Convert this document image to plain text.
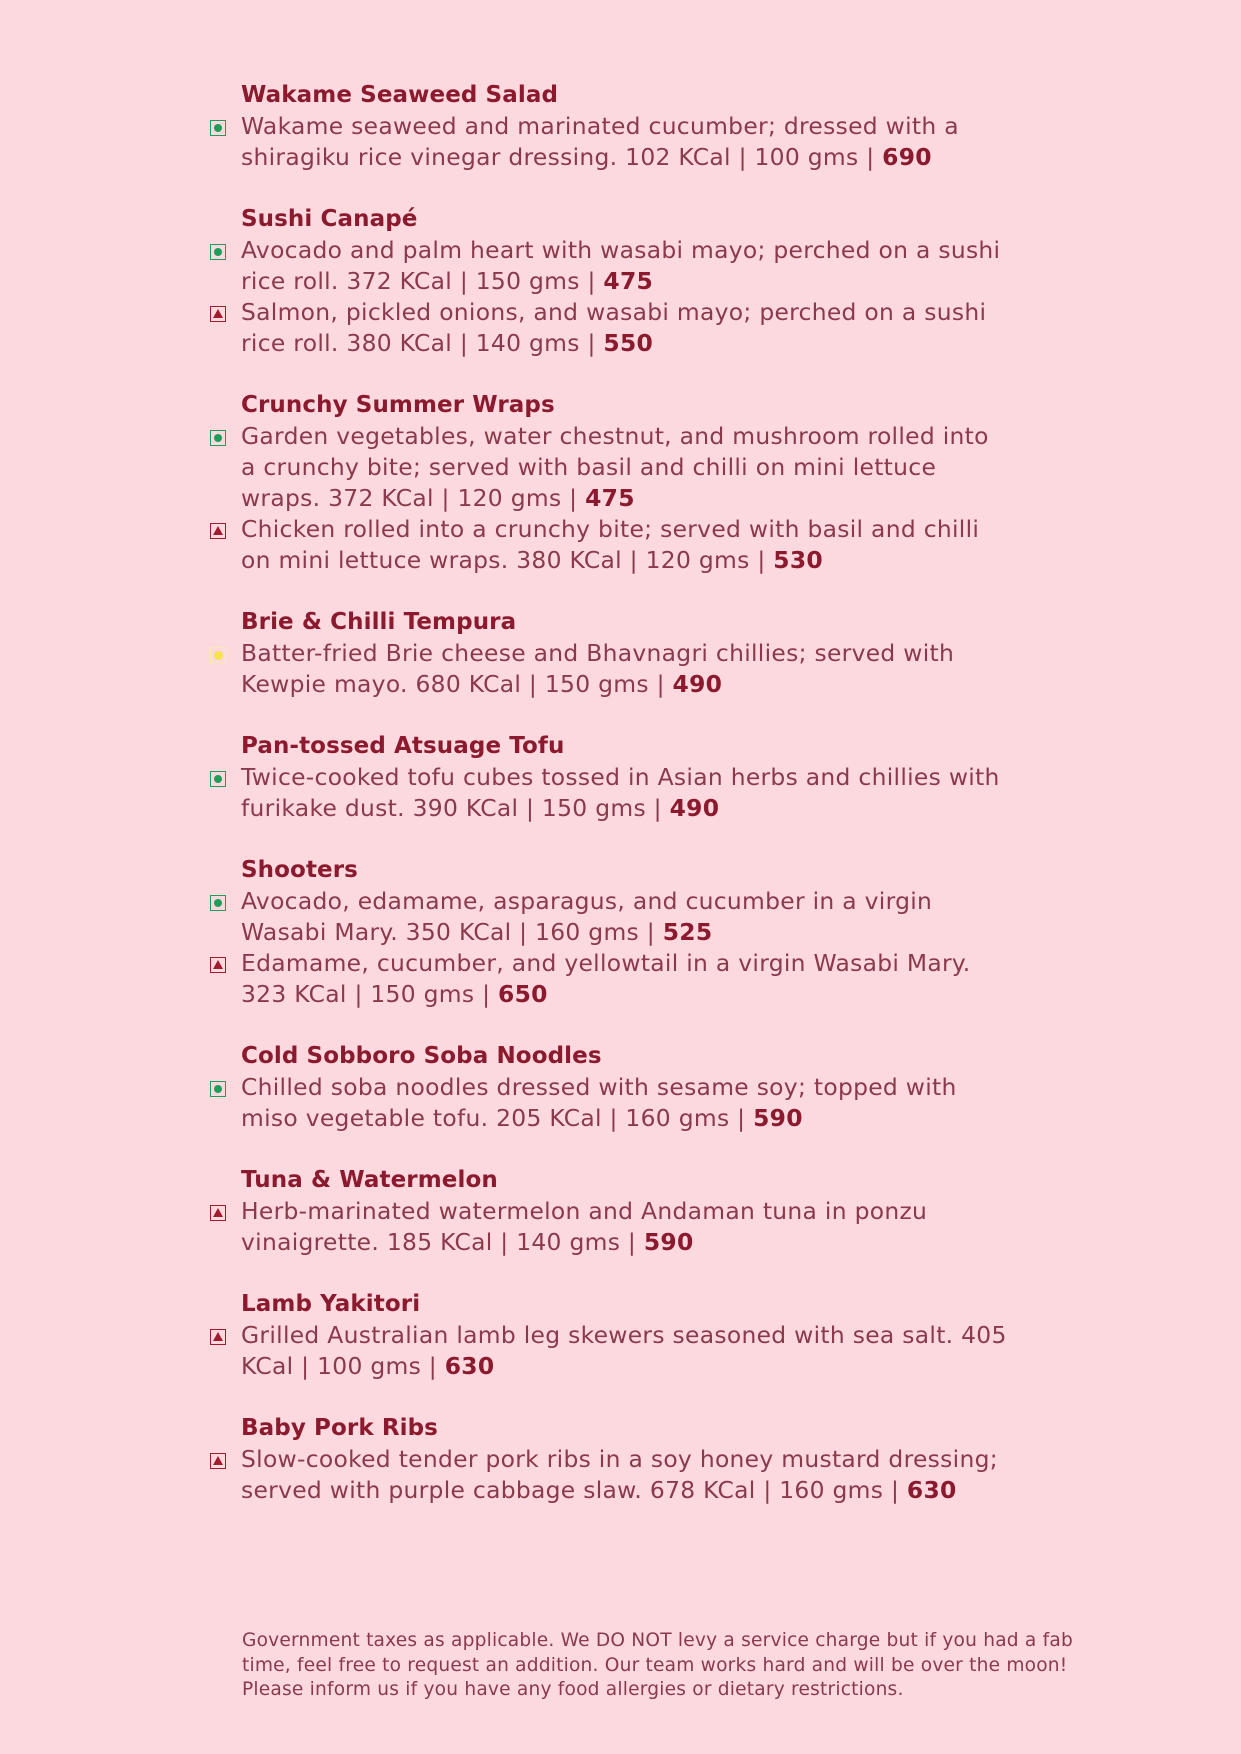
Wakame Seaweed Salad
Wakame seaweed and marinated cucumber; dressed with a shiragiku rice vinegar dressing. 102 KCal | 100 gms | 690
Sushi Canapé
Avocado and palm heart with wasabi mayo; perched on a sushi rice roll. 372 KCal | 150 gms | 475
Salmon, pickled onions, and wasabi mayo; perched on a sushi rice roll. 380 KCal | 140 gms | 550
Crunchy Summer Wraps
Garden vegetables, water chestnut, and mushroom rolled into a crunchy bite; served with basil and chilli on mini lettuce wraps. 372 KCal | 120 gms | 475
Chicken rolled into a crunchy bite; served with basil and chilli on mini lettuce wraps. 380 KCal | 120 gms | 530
Brie & Chilli Tempura
Batter-fried Brie cheese and Bhavnagri chillies; served with Kewpie mayo. 680 KCal | 150 gms | 490
Pan-tossed Atsuage Tofu
Twice-cooked tofu cubes tossed in Asian herbs and chillies with furikake dust. 390 KCal | 150 gms | 490
Shooters
Avocado, edamame, asparagus, and cucumber in a virgin Wasabi Mary. 350 KCal | 160 gms | 525
Edamame, cucumber, and yellowtail in a virgin Wasabi Mary. 323 KCal | 150 gms | 650
Cold Sobboro Soba Noodles
Chilled soba noodles dressed with sesame soy; topped with miso vegetable tofu. 205 KCal | 160 gms | 590
Tuna & Watermelon
Herb-marinated watermelon and Andaman tuna in ponzu vinaigrette. 185 KCal | 140 gms | 590
Lamb Yakitori
Grilled Australian lamb leg skewers seasoned with sea salt. 405 KCal | 100 gms | 630
Baby Pork Ribs
Slow-cooked tender pork ribs in a soy honey mustard dressing; served with purple cabbage slaw. 678 KCal | 160 gms | 630
Government taxes as applicable. We DO NOT levy a service charge but if you had a fab time, feel free to request an addition. Our team works hard and will be over the moon! Please inform us if you have any food allergies or dietary restrictions.
